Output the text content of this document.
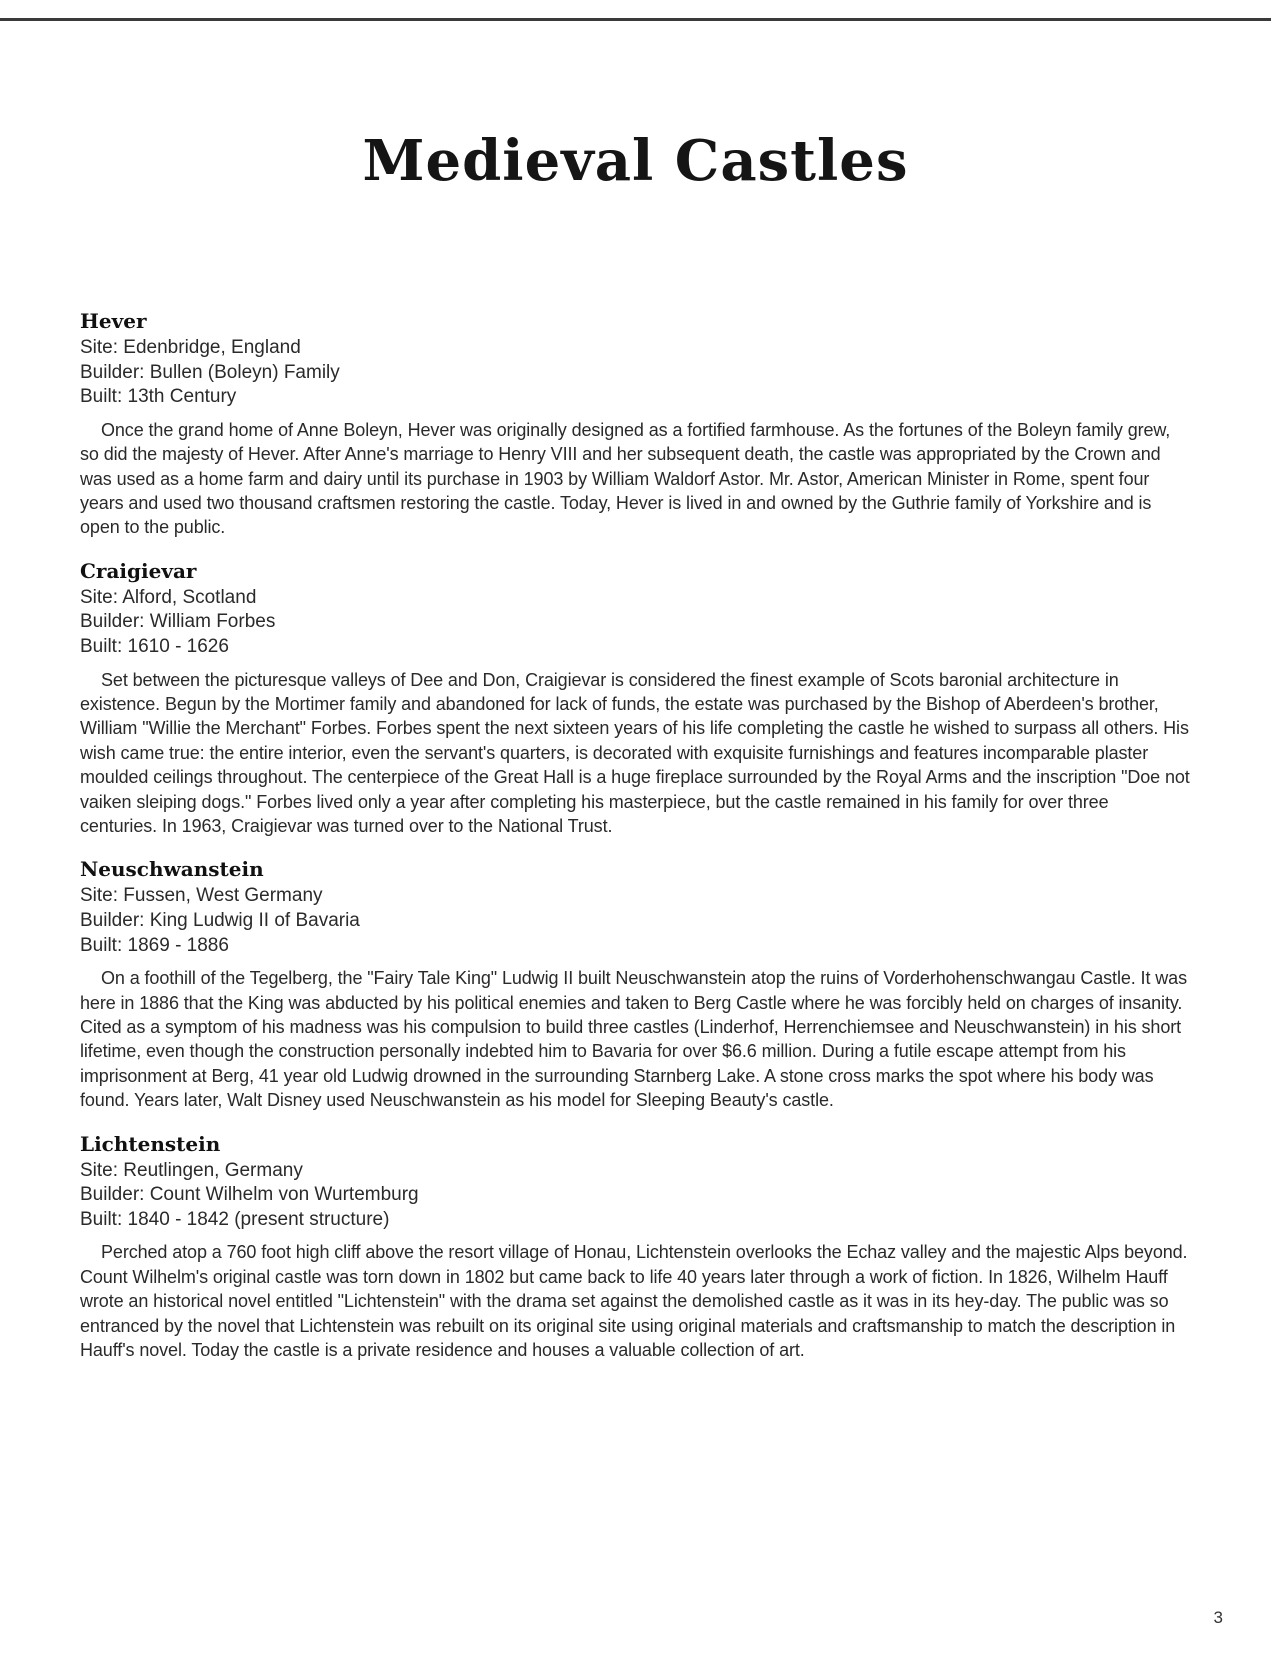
Medieval Castles
Hever

Site: Edenbridge, England

Builder: Bullen (Boleyn) Family

Built: 13th Century

Once the grand home of Anne Boleyn, Hever was originally designed as a fortified farmhouse. As the fortunes of the Boleyn family grew, so did the majesty of Hever. After Anne's marriage to Henry VIII and her subsequent death, the castle was appropriated by the Crown and was used as a home farm and dairy until its purchase in 1903 by William Waldorf Astor. Mr. Astor, American Minister in Rome, spent four years and used two thousand craftsmen restoring the castle. Today, Hever is lived in and owned by the Guthrie family of Yorkshire and is open to the public.

Craigievar

Site: Alford, Scotland

Builder: William Forbes

Built: 1610 - 1626

Set between the picturesque valleys of Dee and Don, Craigievar is considered the finest example of Scots baronial architecture in existence. Begun by the Mortimer family and abandoned for lack of funds, the estate was purchased by the Bishop of Aberdeen's brother, William "Willie the Merchant" Forbes. Forbes spent the next sixteen years of his life completing the castle he wished to surpass all others. His wish came true: the entire interior, even the servant's quarters, is decorated with exquisite furnishings and features incomparable plaster moulded ceilings throughout. The centerpiece of the Great Hall is a huge fireplace surrounded by the Royal Arms and the inscription "Doe not vaiken sleiping dogs." Forbes lived only a year after completing his masterpiece, but the castle remained in his family for over three centuries. In 1963, Craigievar was turned over to the National Trust.

Neuschwanstein

Site: Fussen, West Germany

Builder: King Ludwig II of Bavaria

Built: 1869 - 1886

On a foothill of the Tegelberg, the "Fairy Tale King" Ludwig II built Neuschwanstein atop the ruins of Vorderhohenschwangau Castle. It was here in 1886 that the King was abducted by his political enemies and taken to Berg Castle where he was forcibly held on charges of insanity. Cited as a symptom of his madness was his compulsion to build three castles (Linderhof, Herrenchiemsee and Neuschwanstein) in his short lifetime, even though the construction personally indebted him to Bavaria for over $6.6 million. During a futile escape attempt from his imprisonment at Berg, 41 year old Ludwig drowned in the surrounding Starnberg Lake. A stone cross marks the spot where his body was found. Years later, Walt Disney used Neuschwanstein as his model for Sleeping Beauty's castle.

Lichtenstein

Site: Reutlingen, Germany

Builder: Count Wilhelm von Wurtemburg

Built: 1840 - 1842 (present structure)

Perched atop a 760 foot high cliff above the resort village of Honau, Lichtenstein overlooks the Echaz valley and the majestic Alps beyond. Count Wilhelm's original castle was torn down in 1802 but came back to life 40 years later through a work of fiction. In 1826, Wilhelm Hauff wrote an historical novel entitled "Lichtenstein" with the drama set against the demolished castle as it was in its hey-day. The public was so entranced by the novel that Lichtenstein was rebuilt on its original site using original materials and craftsmanship to match the description in Hauff's novel. Today the castle is a private residence and houses a valuable collection of art.

3
